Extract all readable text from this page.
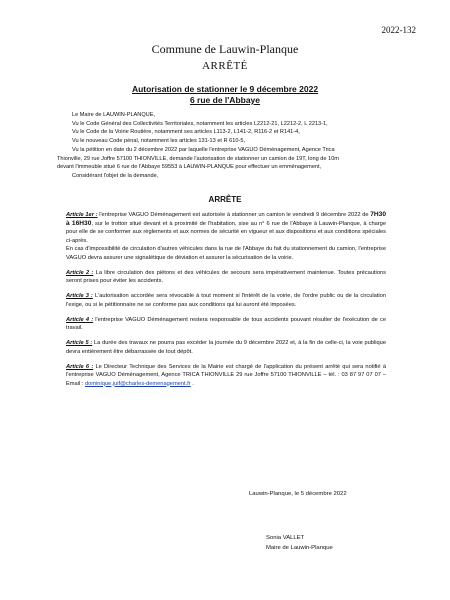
2022-132
Commune de Lauwin-Planque
ARRÊTÉ
Autorisation de stationner le 9 décembre 2022
6 rue de l'Abbaye
Le Maire de LAUWIN-PLANQUE,
Vu le Code Général des Collectivités Territoriales, notamment les articles L2212-21, L2212-2, L 2213-1,
Vu le Code de la Voirie Routière, notamment ses articles L113-2, L141-2, R116-2 et R141-4,
Vu le nouveau Code pénal, notamment les articles 131-13 et R 610-5,
Vu la pétition en date du 2 décembre 2022 par laquelle l'entreprise VAGUO Déménagement, Agence Trica
Thionville, 29 rue Joffre 57100 THIONVILLE, demande l'autorisation de stationner un camion de 19T, long de 10m
devant l'immeuble situé 6 rue de l'Abbaye 59553 à LAUWIN-PLANQUE pour effectuer un emménagement,
Considérant l'objet de la demande,
ARRÊTE

Article 1er : l'entreprise VAGUO Déménagement est autorisée à stationner un camion le vendredi 9 décembre 2022 de 7H30 à 16H30, sur le trottoir situé devant et à proximité de l'habitation, sise au n° 6 rue de l'Abbaye à Lauwin-Planque, à charge pour elle de se conformer aux règlements et aux normes de sécurité en vigueur et aux dispositions et aux conditions spéciales ci-après.
En cas d'impossibilité de circulation d'autres véhicules dans la rue de l'Abbaye du fait du stationnement du camion, l'entreprise VAGUO devra assurer une signalétique de déviation et assurer la sécurisation de la voirie.

Article 2 : La libre circulation des piétons et des véhicules de secours sera impérativement maintenue. Toutes précautions seront prises pour éviter les accidents.

Article 3 : L'autorisation accordée sera révocable à tout moment si l'intérêt de la voirie, de l'ordre public ou de la circulation l'exige, ou si le pétitionnaire ne se conforme pas aux conditions qui lui auront été imposées.

Article 4 : l'entreprise VAGUO Déménagement restera responsable de tous accidents pouvant résulter de l'exécution de ce travail.

Article 5 : La durée des travaux ne pourra pas excéder la journée du 9 décembre 2022 et, à la fin de celle-ci, la voie publique devra entièrement être débarrassée de tout dépôt.

Article 6 : Le Directeur Technique des Services de la Mairie est chargé de l'application du présent arrêté qui sera notifié à l'entreprise VAGUO Déménagement, Agence TRICA THIONVILLE 29 rue Joffre 57100 THIONVILLE – tél. : 03 87 97 07 07 – Email : dominique.juif@charles-demenagement.fr .

Lauwin-Planque, le 5 décembre 2022
Sonia VALLET
Maire de Lauwin-Planque
